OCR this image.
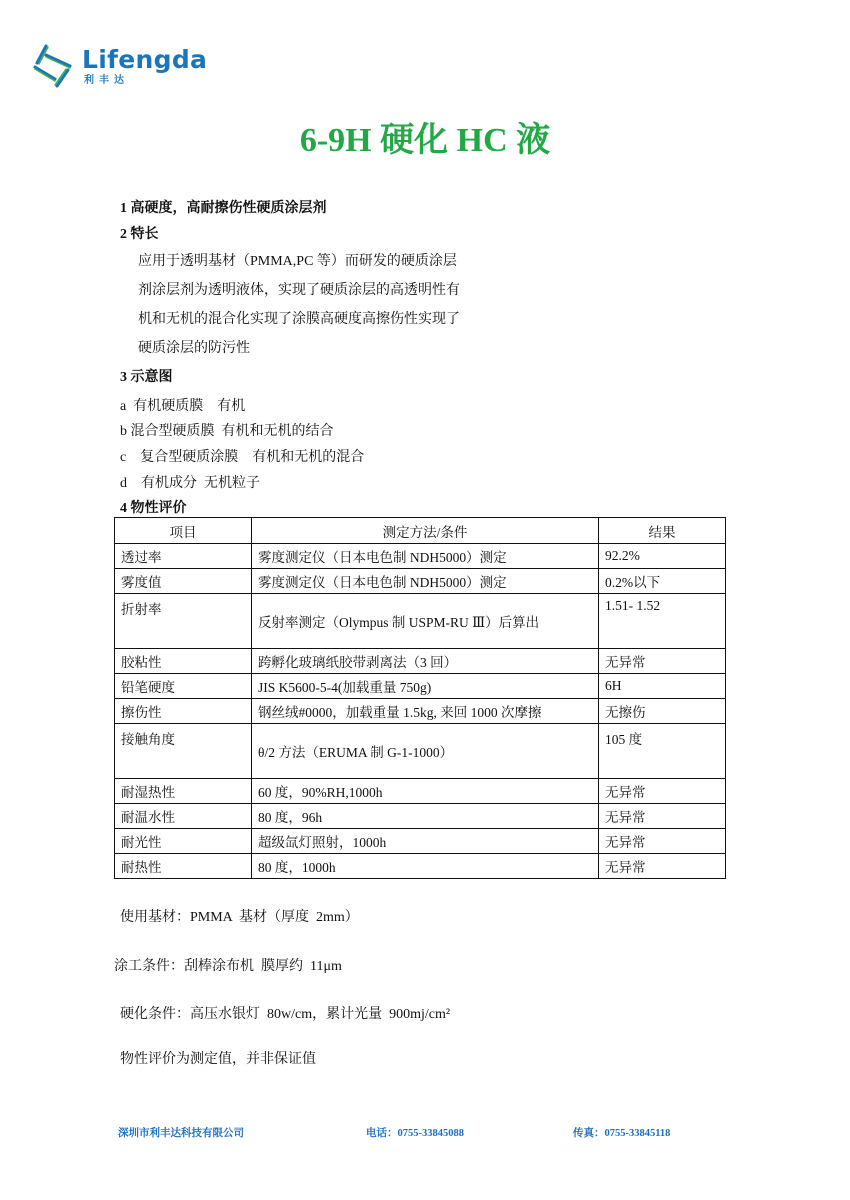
Lifengda
利丰达
6-9H 硬化 HC 液
1 高硬度，高耐擦伤性硬质涂层剂
2 特长
应用于透明基材（PMMA,PC 等）而研发的硬质涂层
剂涂层剂为透明液体，实现了硬质涂层的高透明性有
机和无机的混合化实现了涂膜高硬度高擦伤性实现了
硬质涂层的防污性
3 示意图
a  有机硬质膜    有机
b 混合型硬质膜  有机和无机的结合
c    复合型硬质涂膜    有机和无机的混合
d    有机成分  无机粒子
4 物性评价
项目	测定方法/条件	结果
透过率	雾度测定仪（日本电色制 NDH5000）测定	92.2%
雾度值	雾度测定仪（日本电色制 NDH5000）测定	0.2%以下
折射率	反射率测定（Olympus 制 USPM-RU Ⅲ）后算出	1.51- 1.52
胶粘性	跨孵化玻璃纸胶带剥离法（3 回）	无异常
铅笔硬度	JIS K5600-5-4(加载重量 750g)	6H
擦伤性	钢丝绒#0000，加载重量 1.5kg, 来回 1000 次摩擦	无擦伤
接触角度	θ/2 方法（ERUMA 制 G-1-1000）	105 度
耐湿热性	60 度，90%RH,1000h	无异常
耐温水性	80 度，96h	无异常
耐光性	超级氙灯照射，1000h	无异常
耐热性	80 度，1000h	无异常
使用基材：PMMA  基材（厚度  2mm）
涂工条件：刮棒涂布机  膜厚约  11μm
硬化条件：高压水银灯  80w/cm，累计光量  900mj/cm²
物性评价为测定值，并非保证值
深圳市利丰达科技有限公司	电话：0755-33845088	传真：0755-33845118
